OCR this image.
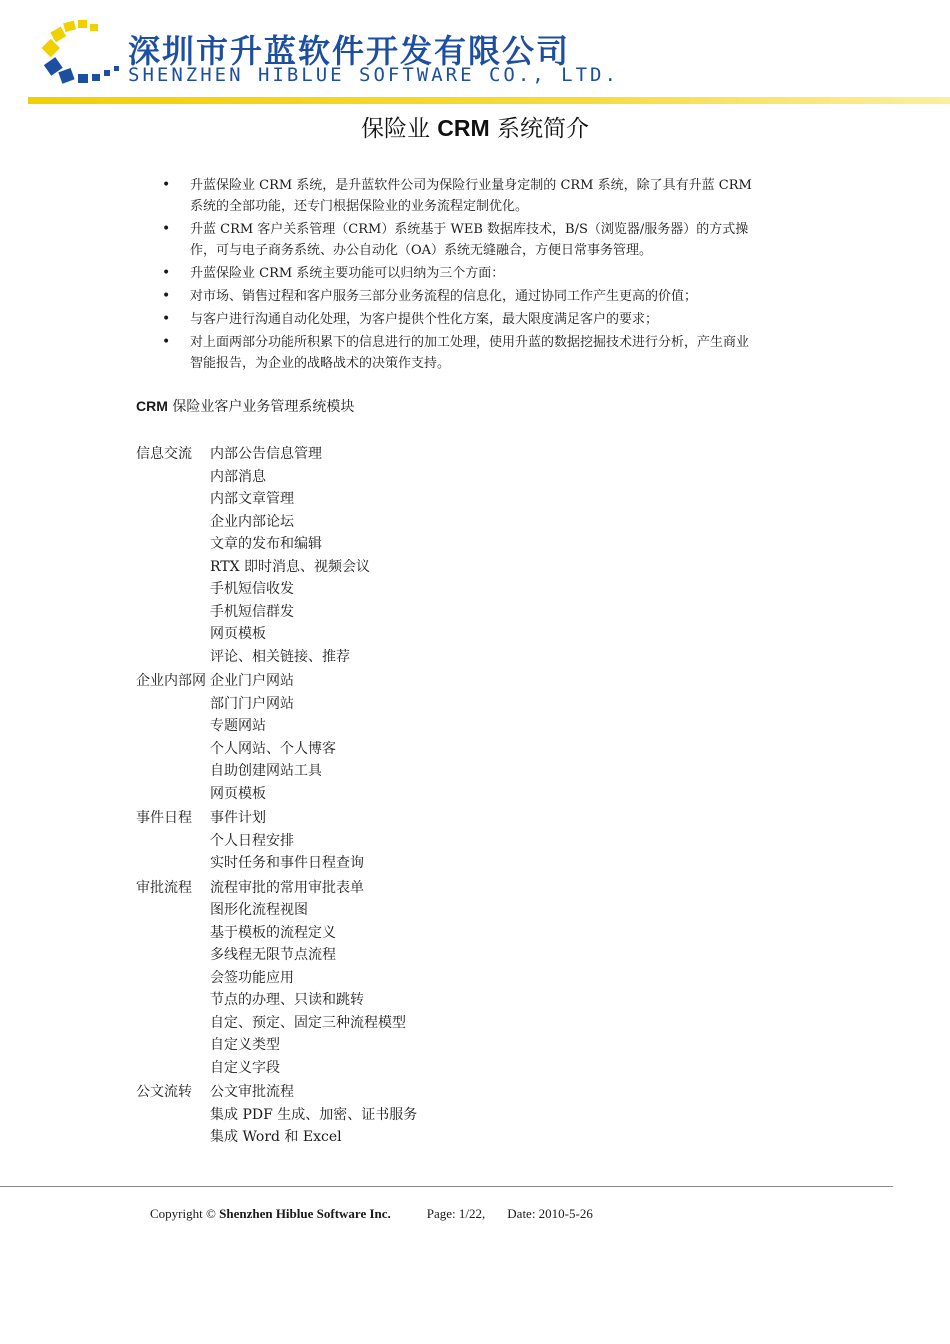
深圳市升蓝软件开发有限公司
SHENZHEN HIBLUE SOFTWARE CO., LTD.
保险业 CRM 系统简介
• 升蓝保险业 CRM 系统，是升蓝软件公司为保险行业量身定制的 CRM 系统，除了具有升蓝 CRM 系统的全部功能，还专门根据保险业的业务流程定制优化。
• 升蓝 CRM 客户关系管理（CRM）系统基于 WEB 数据库技术，B/S（浏览器/服务器）的方式操作，可与电子商务系统、办公自动化（OA）系统无缝融合，方便日常事务管理。
• 升蓝保险业 CRM 系统主要功能可以归纳为三个方面：
• 对市场、销售过程和客户服务三部分业务流程的信息化，通过协同工作产生更高的价值；
• 与客户进行沟通自动化处理，为客户提供个性化方案，最大限度满足客户的要求；
• 对上面两部分功能所积累下的信息进行的加工处理，使用升蓝的数据挖掘技术进行分析，产生商业智能报告，为企业的战略战术的决策作支持。
CRM 保险业客户业务管理系统模块
信息交流	内部公告信息管理
内部消息
内部文章管理
企业内部论坛
文章的发布和编辑
RTX 即时消息、视频会议
手机短信收发
手机短信群发
网页模板
评论、相关链接、推荐
企业内部网 企业门户网站
部门门户网站
专题网站
个人网站、个人博客
自助创建网站工具
网页模板
事件日程	事件计划
个人日程安排
实时任务和事件日程查询
审批流程	流程审批的常用审批表单
图形化流程视图
基于模板的流程定义
多线程无限节点流程
会签功能应用
节点的办理、只读和跳转
自定、预定、固定三种流程模型
自定义类型
自定义字段
公文流转	公文审批流程
集成 PDF 生成、加密、证书服务
集成 Word 和 Excel
Copyright © Shenzhen Hiblue Software Inc.	Page: 1/22, Date: 2010-5-26
